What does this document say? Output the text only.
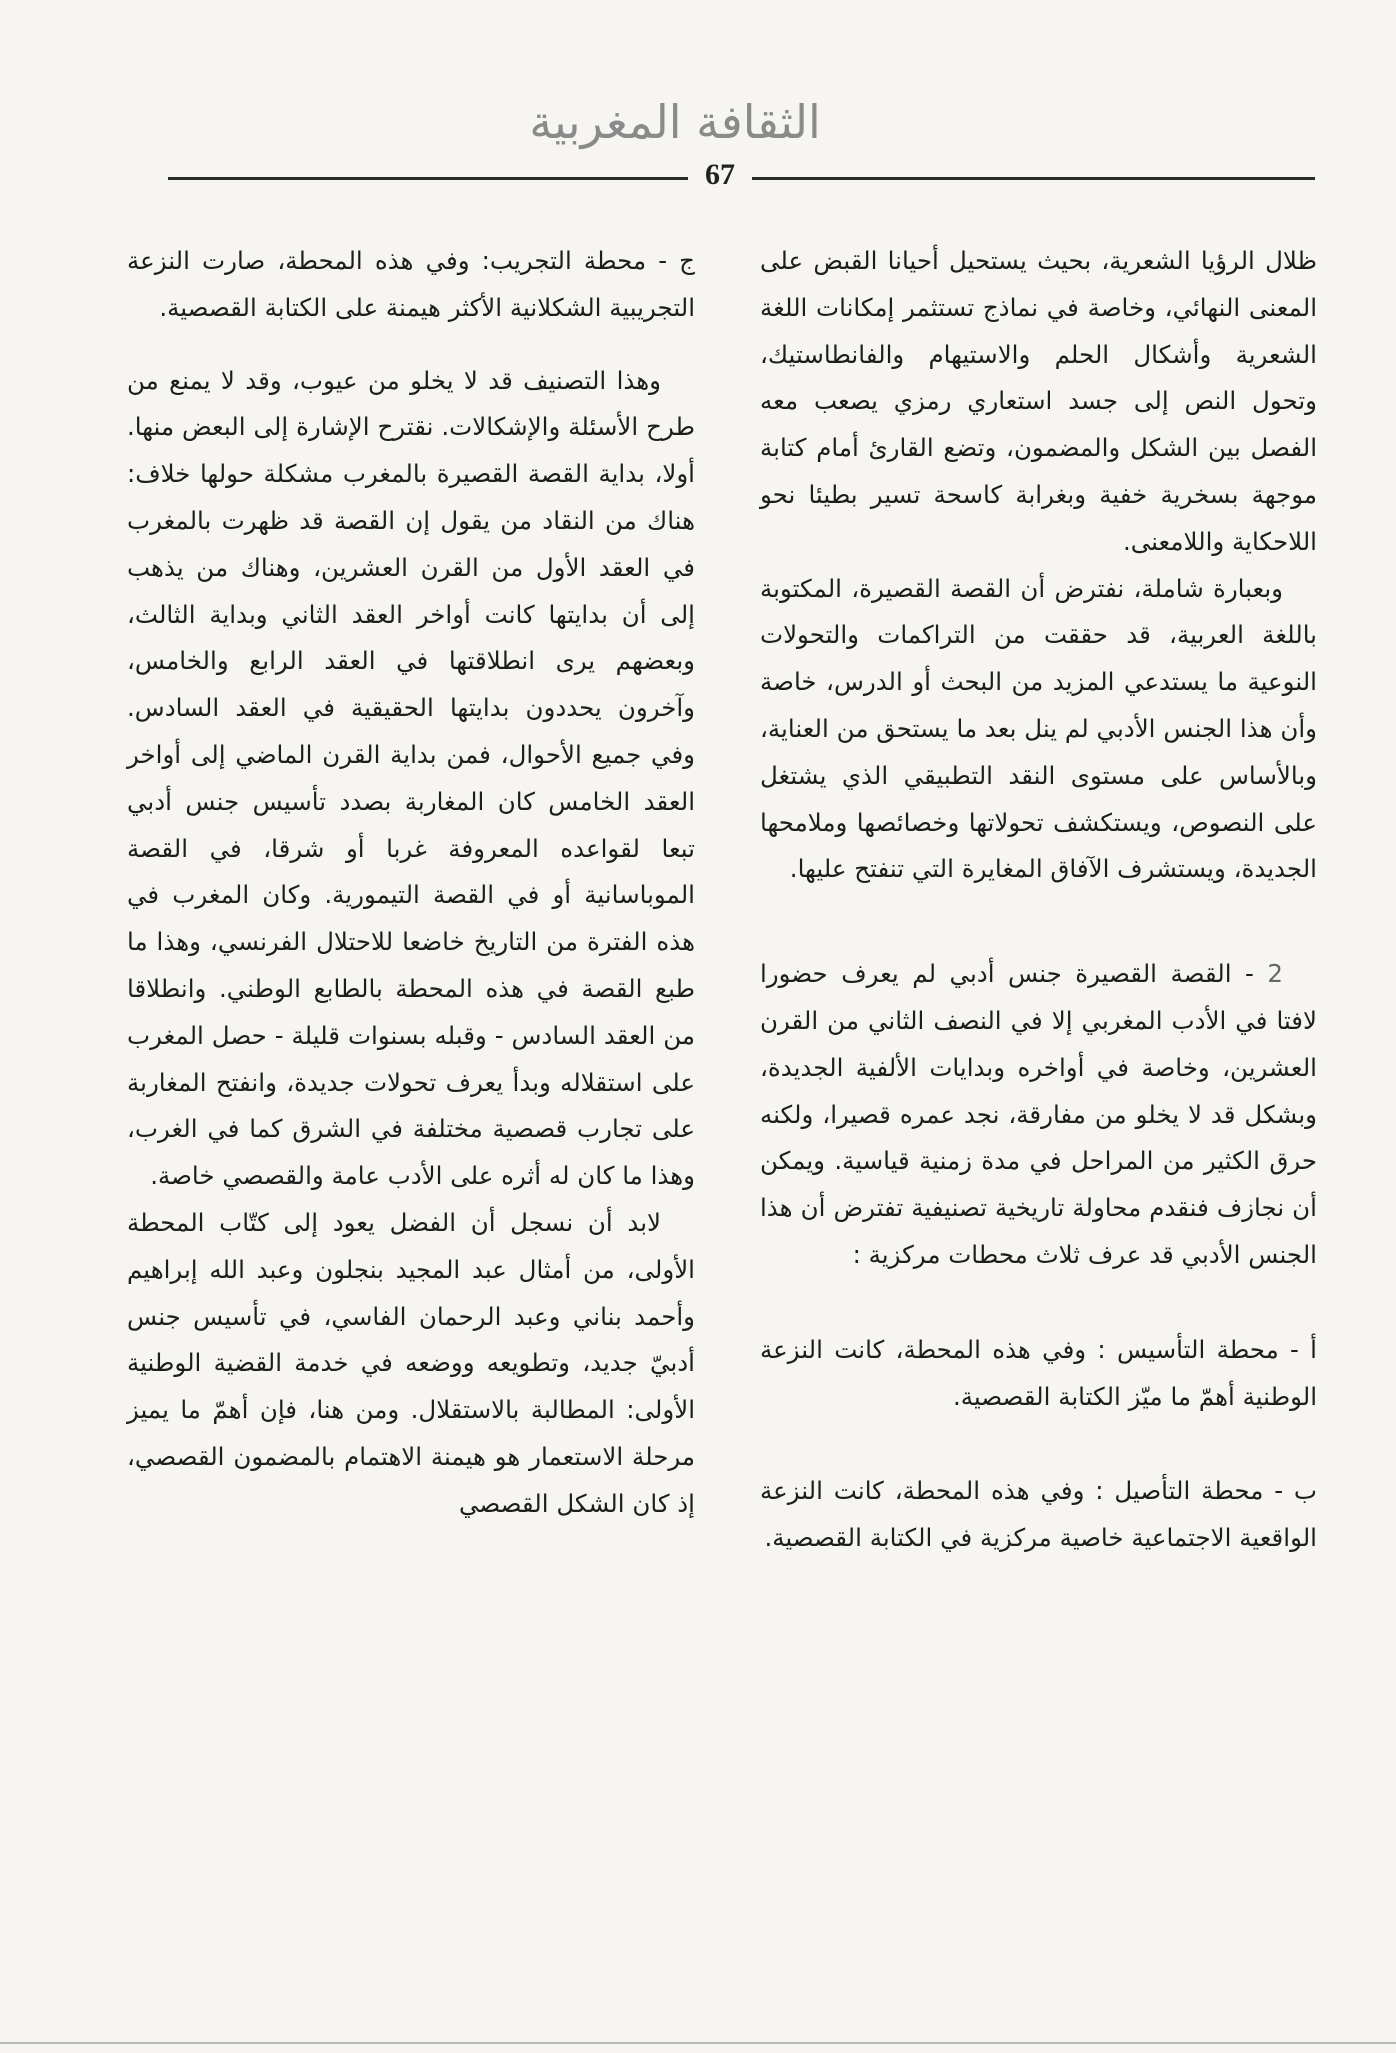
الثقافة المغربية
67

ظلال الرؤيا الشعرية، بحيث يستحيل أحيانا القبض على المعنى النهائي، وخاصة في نماذج تستثمر إمكانات اللغة الشعرية وأشكال الحلم والاستيهام والفانطاستيك، وتحول النص إلى جسد استعاري رمزي يصعب معه الفصل بين الشكل والمضمون، وتضع القارئ أمام كتابة موجهة بسخرية خفية وبغرابة كاسحة تسير بطيئا نحو اللاحكاية واللامعنى.

وبعبارة شاملة، نفترض أن القصة القصيرة، المكتوبة باللغة العربية، قد حققت من التراكمات والتحولات النوعية ما يستدعي المزيد من البحث أو الدرس، خاصة وأن هذا الجنس الأدبي لم ينل بعد ما يستحق من العناية، وبالأساس على مستوى النقد التطبيقي الذي يشتغل على النصوص، ويستكشف تحولاتها وخصائصها وملامحها الجديدة، ويستشرف الآفاق المغايرة التي تنفتح عليها.

2 - القصة القصيرة جنس أدبي لم يعرف حضورا لافتا في الأدب المغربي إلا في النصف الثاني من القرن العشرين، وخاصة في أواخره وبدايات الألفية الجديدة، وبشكل قد لا يخلو من مفارقة، نجد عمره قصيرا، ولكنه حرق الكثير من المراحل في مدة زمنية قياسية. ويمكن أن نجازف فنقدم محاولة تاريخية تصنيفية تفترض أن هذا الجنس الأدبي قد عرف ثلاث محطات مركزية :

أ - محطة التأسيس : وفي هذه المحطة، كانت النزعة الوطنية أهمّ ما ميّز الكتابة القصصية.

ب - محطة التأصيل : وفي هذه المحطة، كانت النزعة الواقعية الاجتماعية خاصية مركزية في الكتابة القصصية.

ج - محطة التجريب: وفي هذه المحطة، صارت النزعة التجريبية الشكلانية الأكثر هيمنة على الكتابة القصصية.

وهذا التصنيف قد لا يخلو من عيوب، وقد لا يمنع من طرح الأسئلة والإشكالات. نقترح الإشارة إلى البعض منها. أولا، بداية القصة القصيرة بالمغرب مشكلة حولها خلاف: هناك من النقاد من يقول إن القصة قد ظهرت بالمغرب في العقد الأول من القرن العشرين، وهناك من يذهب إلى أن بدايتها كانت أواخر العقد الثاني وبداية الثالث، وبعضهم يرى انطلاقتها في العقد الرابع والخامس، وآخرون يحددون بدايتها الحقيقية في العقد السادس. وفي جميع الأحوال، فمن بداية القرن الماضي إلى أواخر العقد الخامس كان المغاربة بصدد تأسيس جنس أدبي تبعا لقواعده المعروفة غربا أو شرقا، في القصة الموباسانية أو في القصة التيمورية. وكان المغرب في هذه الفترة من التاريخ خاضعا للاحتلال الفرنسي، وهذا ما طبع القصة في هذه المحطة بالطابع الوطني. وانطلاقا من العقد السادس - وقبله بسنوات قليلة - حصل المغرب على استقلاله وبدأ يعرف تحولات جديدة، وانفتح المغاربة على تجارب قصصية مختلفة في الشرق كما في الغرب، وهذا ما كان له أثره على الأدب عامة والقصصي خاصة.

لابد أن نسجل أن الفضل يعود إلى كتّاب المحطة الأولى، من أمثال عبد المجيد بنجلون وعبد الله إبراهيم وأحمد بناني وعبد الرحمان الفاسي، في تأسيس جنس أدبيّ جديد، وتطويعه ووضعه في خدمة القضية الوطنية الأولى: المطالبة بالاستقلال. ومن هنا، فإن أهمّ ما يميز مرحلة الاستعمار هو هيمنة الاهتمام بالمضمون القصصي، إذ كان الشكل القصصي
